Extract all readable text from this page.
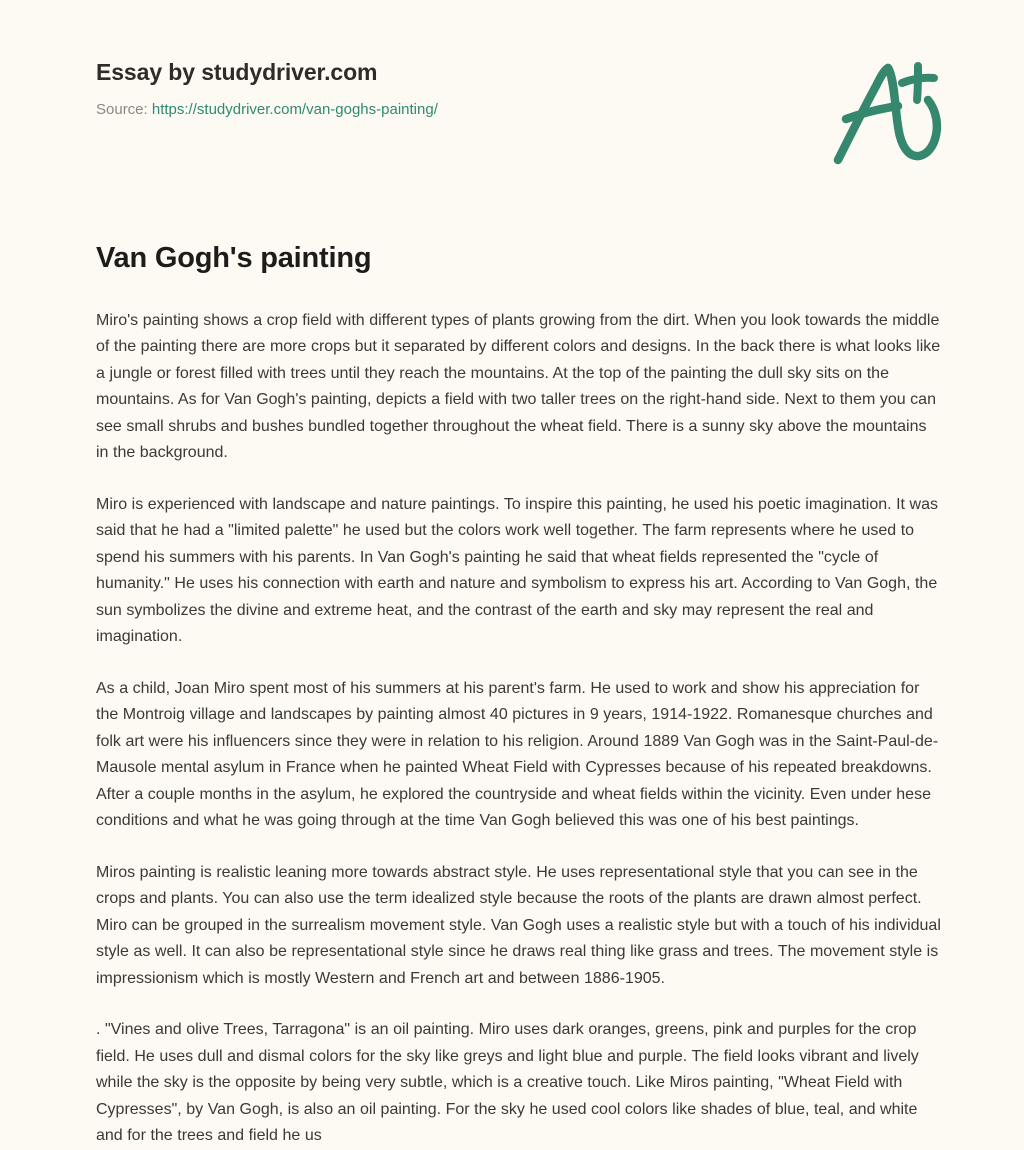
Essay by studydriver.com
Source: https://studydriver.com/van-goghs-painting/
Van Gogh's painting

Miro's painting shows a crop field with different types of plants growing from the dirt. When you look towards the middle of the painting there are more crops but it separated by different colors and designs. In the back there is what looks like a jungle or forest filled with trees until they reach the mountains. At the top of the painting the dull sky sits on the mountains. As for Van Gogh's painting, depicts a field with two taller trees on the right-hand side. Next to them you can see small shrubs and bushes bundled together throughout the wheat field. There is a sunny sky above the mountains in the background.

Miro is experienced with landscape and nature paintings. To inspire this painting, he used his poetic imagination. It was said that he had a "limited palette" he used but the colors work well together. The farm represents where he used to spend his summers with his parents. In Van Gogh's painting he said that wheat fields represented the "cycle of humanity." He uses his connection with earth and nature and symbolism to express his art. According to Van Gogh, the sun symbolizes the divine and extreme heat, and the contrast of the earth and sky may represent the real and imagination.

As a child, Joan Miro spent most of his summers at his parent's farm. He used to work and show his appreciation for the Montroig village and landscapes by painting almost 40 pictures in 9 years, 1914-1922. Romanesque churches and folk art were his influencers since they were in relation to his religion. Around 1889 Van Gogh was in the Saint-Paul-de-Mausole mental asylum in France when he painted Wheat Field with Cypresses because of his repeated breakdowns. After a couple months in the asylum, he explored the countryside and wheat fields within the vicinity. Even under hese conditions and what he was going through at the time Van Gogh believed this was one of his best paintings.

Miros painting is realistic leaning more towards abstract style. He uses representational style that you can see in the crops and plants. You can also use the term idealized style because the roots of the plants are drawn almost perfect. Miro can be grouped in the surrealism movement style. Van Gogh uses a realistic style but with a touch of his individual style as well. It can also be representational style since he draws real thing like grass and trees. The movement style is impressionism which is mostly Western and French art and between 1886-1905.

. "Vines and olive Trees, Tarragona" is an oil painting. Miro uses dark oranges, greens, pink and purples for the crop field. He uses dull and dismal colors for the sky like greys and light blue and purple. The field looks vibrant and lively while the sky is the opposite by being very subtle, which is a creative touch. Like Miros painting, "Wheat Field with Cypresses", by Van Gogh, is also an oil painting. For the sky he used cool colors like shades of blue, teal, and white and for the trees and field he us
